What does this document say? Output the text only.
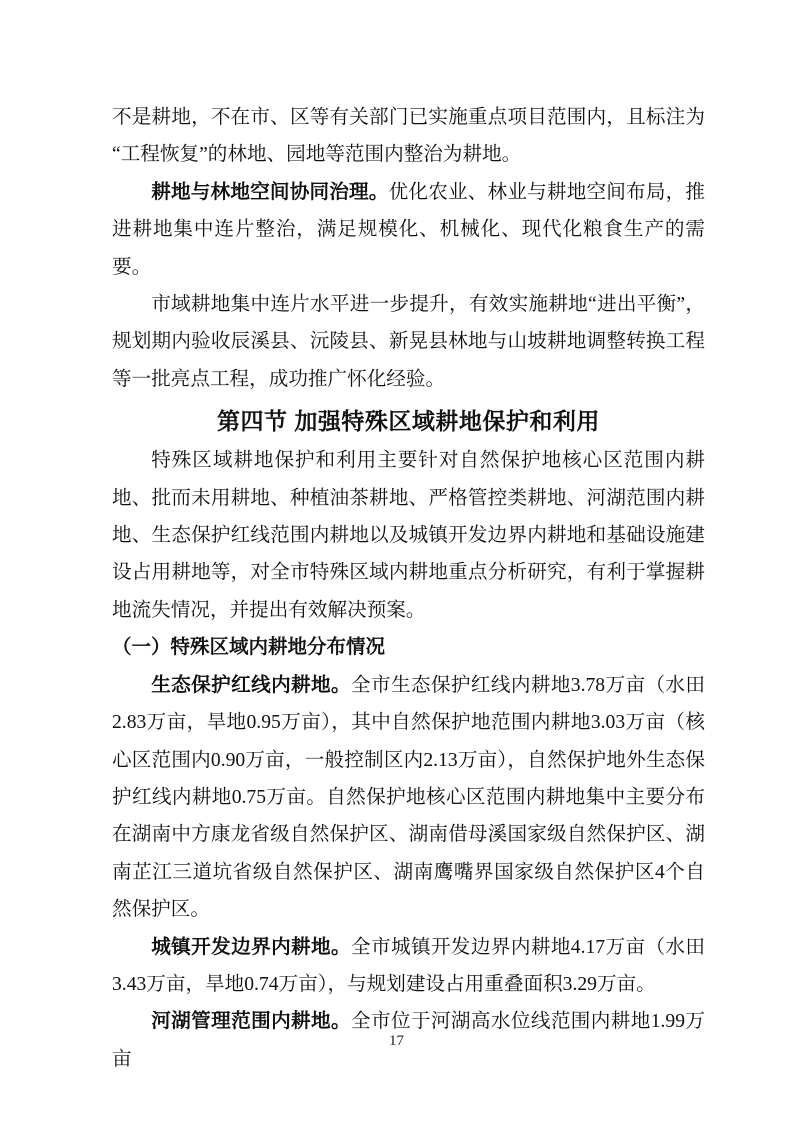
不是耕地，不在市、区等有关部门已实施重点项目范围内，且标注为“工程恢复”的林地、园地等范围内整治为耕地。

耕地与林地空间协同治理。优化农业、林业与耕地空间布局，推进耕地集中连片整治，满足规模化、机械化、现代化粮食生产的需要。

市域耕地集中连片水平进一步提升，有效实施耕地“进出平衡”，规划期内验收辰溪县、沅陵县、新晃县林地与山坡耕地调整转换工程等一批亮点工程，成功推广怀化经验。

第四节 加强特殊区域耕地保护和利用

特殊区域耕地保护和利用主要针对自然保护地核心区范围内耕地、批而未用耕地、种植油茶耕地、严格管控类耕地、河湖范围内耕地、生态保护红线范围内耕地以及城镇开发边界内耕地和基础设施建设占用耕地等，对全市特殊区域内耕地重点分析研究，有利于掌握耕地流失情况，并提出有效解决预案。

（一）特殊区域内耕地分布情况

生态保护红线内耕地。全市生态保护红线内耕地3.78万亩（水田2.83万亩，旱地0.95万亩），其中自然保护地范围内耕地3.03万亩（核心区范围内0.90万亩，一般控制区内2.13万亩），自然保护地外生态保护红线内耕地0.75万亩。自然保护地核心区范围内耕地集中主要分布在湖南中方康龙省级自然保护区、湖南借母溪国家级自然保护区、湖南芷江三道坑省级自然保护区、湖南鹰嘴界国家级自然保护区4个自然保护区。

城镇开发边界内耕地。全市城镇开发边界内耕地4.17万亩（水田3.43万亩，旱地0.74万亩），与规划建设占用重叠面积3.29万亩。

河湖管理范围内耕地。全市位于河湖高水位线范围内耕地1.99万亩

17
